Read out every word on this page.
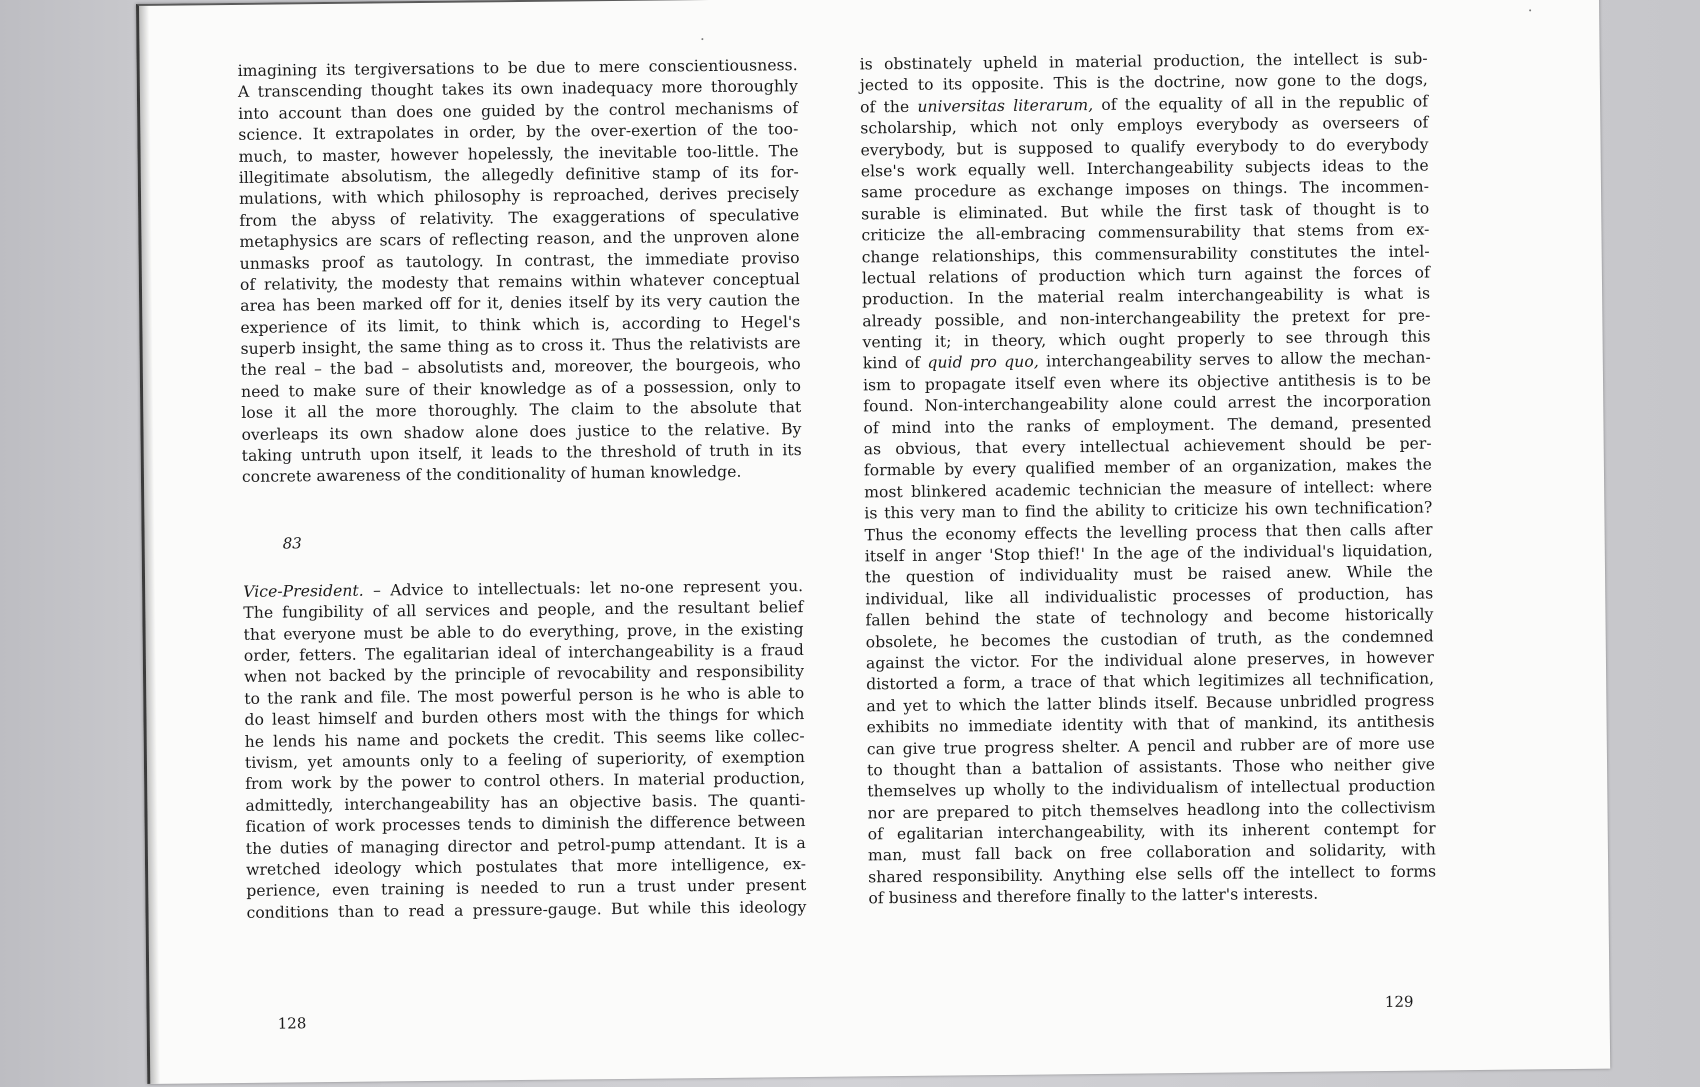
imagining its tergiversations to be due to mere conscientiousness.
A transcending thought takes its own inadequacy more thoroughly
into account than does one guided by the control mechanisms of
science. It extrapolates in order, by the over-exertion of the too-
much, to master, however hopelessly, the inevitable too-little. The
illegitimate absolutism, the allegedly definitive stamp of its for-
mulations, with which philosophy is reproached, derives precisely
from the abyss of relativity. The exaggerations of speculative
metaphysics are scars of reflecting reason, and the unproven alone
unmasks proof as tautology. In contrast, the immediate proviso
of relativity, the modesty that remains within whatever conceptual
area has been marked off for it, denies itself by its very caution the
experience of its limit, to think which is, according to Hegel's
superb insight, the same thing as to cross it. Thus the relativists are
the real – the bad – absolutists and, moreover, the bourgeois, who
need to make sure of their knowledge as of a possession, only to
lose it all the more thoroughly. The claim to the absolute that
overleaps its own shadow alone does justice to the relative. By
taking untruth upon itself, it leads to the threshold of truth in its
concrete awareness of the conditionality of human knowledge.
83
Vice-President. – Advice to intellectuals: let no-one represent you.
The fungibility of all services and people, and the resultant belief
that everyone must be able to do everything, prove, in the existing
order, fetters. The egalitarian ideal of interchangeability is a fraud
when not backed by the principle of revocability and responsibility
to the rank and file. The most powerful person is he who is able to
do least himself and burden others most with the things for which
he lends his name and pockets the credit. This seems like collec-
tivism, yet amounts only to a feeling of superiority, of exemption
from work by the power to control others. In material production,
admittedly, interchangeability has an objective basis. The quanti-
fication of work processes tends to diminish the difference between
the duties of managing director and petrol-pump attendant. It is a
wretched ideology which postulates that more intelligence, ex-
perience, even training is needed to run a trust under present
conditions than to read a pressure-gauge. But while this ideology
128
is obstinately upheld in material production, the intellect is sub-
jected to its opposite. This is the doctrine, now gone to the dogs,
of the universitas literarum, of the equality of all in the republic of
scholarship, which not only employs everybody as overseers of
everybody, but is supposed to qualify everybody to do everybody
else's work equally well. Interchangeability subjects ideas to the
same procedure as exchange imposes on things. The incommen-
surable is eliminated. But while the first task of thought is to
criticize the all-embracing commensurability that stems from ex-
change relationships, this commensurability constitutes the intel-
lectual relations of production which turn against the forces of
production. In the material realm interchangeability is what is
already possible, and non-interchangeability the pretext for pre-
venting it; in theory, which ought properly to see through this
kind of quid pro quo, interchangeability serves to allow the mechan-
ism to propagate itself even where its objective antithesis is to be
found. Non-interchangeability alone could arrest the incorporation
of mind into the ranks of employment. The demand, presented
as obvious, that every intellectual achievement should be per-
formable by every qualified member of an organization, makes the
most blinkered academic technician the measure of intellect: where
is this very man to find the ability to criticize his own technification?
Thus the economy effects the levelling process that then calls after
itself in anger 'Stop thief!' In the age of the individual's liquidation,
the question of individuality must be raised anew. While the
individual, like all individualistic processes of production, has
fallen behind the state of technology and become historically
obsolete, he becomes the custodian of truth, as the condemned
against the victor. For the individual alone preserves, in however
distorted a form, a trace of that which legitimizes all technification,
and yet to which the latter blinds itself. Because unbridled progress
exhibits no immediate identity with that of mankind, its antithesis
can give true progress shelter. A pencil and rubber are of more use
to thought than a battalion of assistants. Those who neither give
themselves up wholly to the individualism of intellectual production
nor are prepared to pitch themselves headlong into the collectivism
of egalitarian interchangeability, with its inherent contempt for
man, must fall back on free collaboration and solidarity, with
shared responsibility. Anything else sells off the intellect to forms
of business and therefore finally to the latter's interests.
129
